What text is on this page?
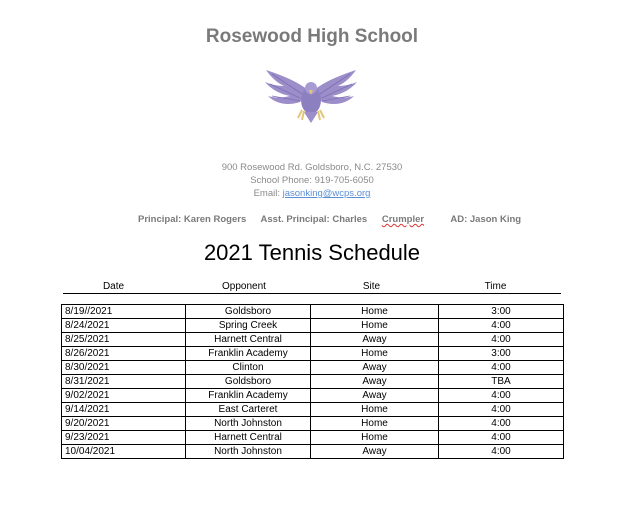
Rosewood High School
900 Rosewood Rd. Goldsboro, N.C. 27530
School Phone: 919-705-6050
Email: jasonking@wcps.org
Principal: Karen Rogers Asst. Principal: Charles Crumpler	AD: Jason King
2021 Tennis Schedule
Date	Opponent	Site	Time
8/19//2021	Goldsboro	Home	3:00
8/24/2021	Spring Creek	Home	4:00
8/25/2021	Harnett Central	Away	4:00
8/26/2021	Franklin Academy	Home	3:00
8/30/2021	Clinton	Away	4:00
8/31/2021	Goldsboro	Away	TBA
9/02/2021	Franklin Academy	Away	4:00
9/14/2021	East Carteret	Home	4:00
9/20/2021	North Johnston	Home	4:00
9/23/2021	Harnett Central	Home	4:00
10/04/2021	North Johnston	Away	4:00
